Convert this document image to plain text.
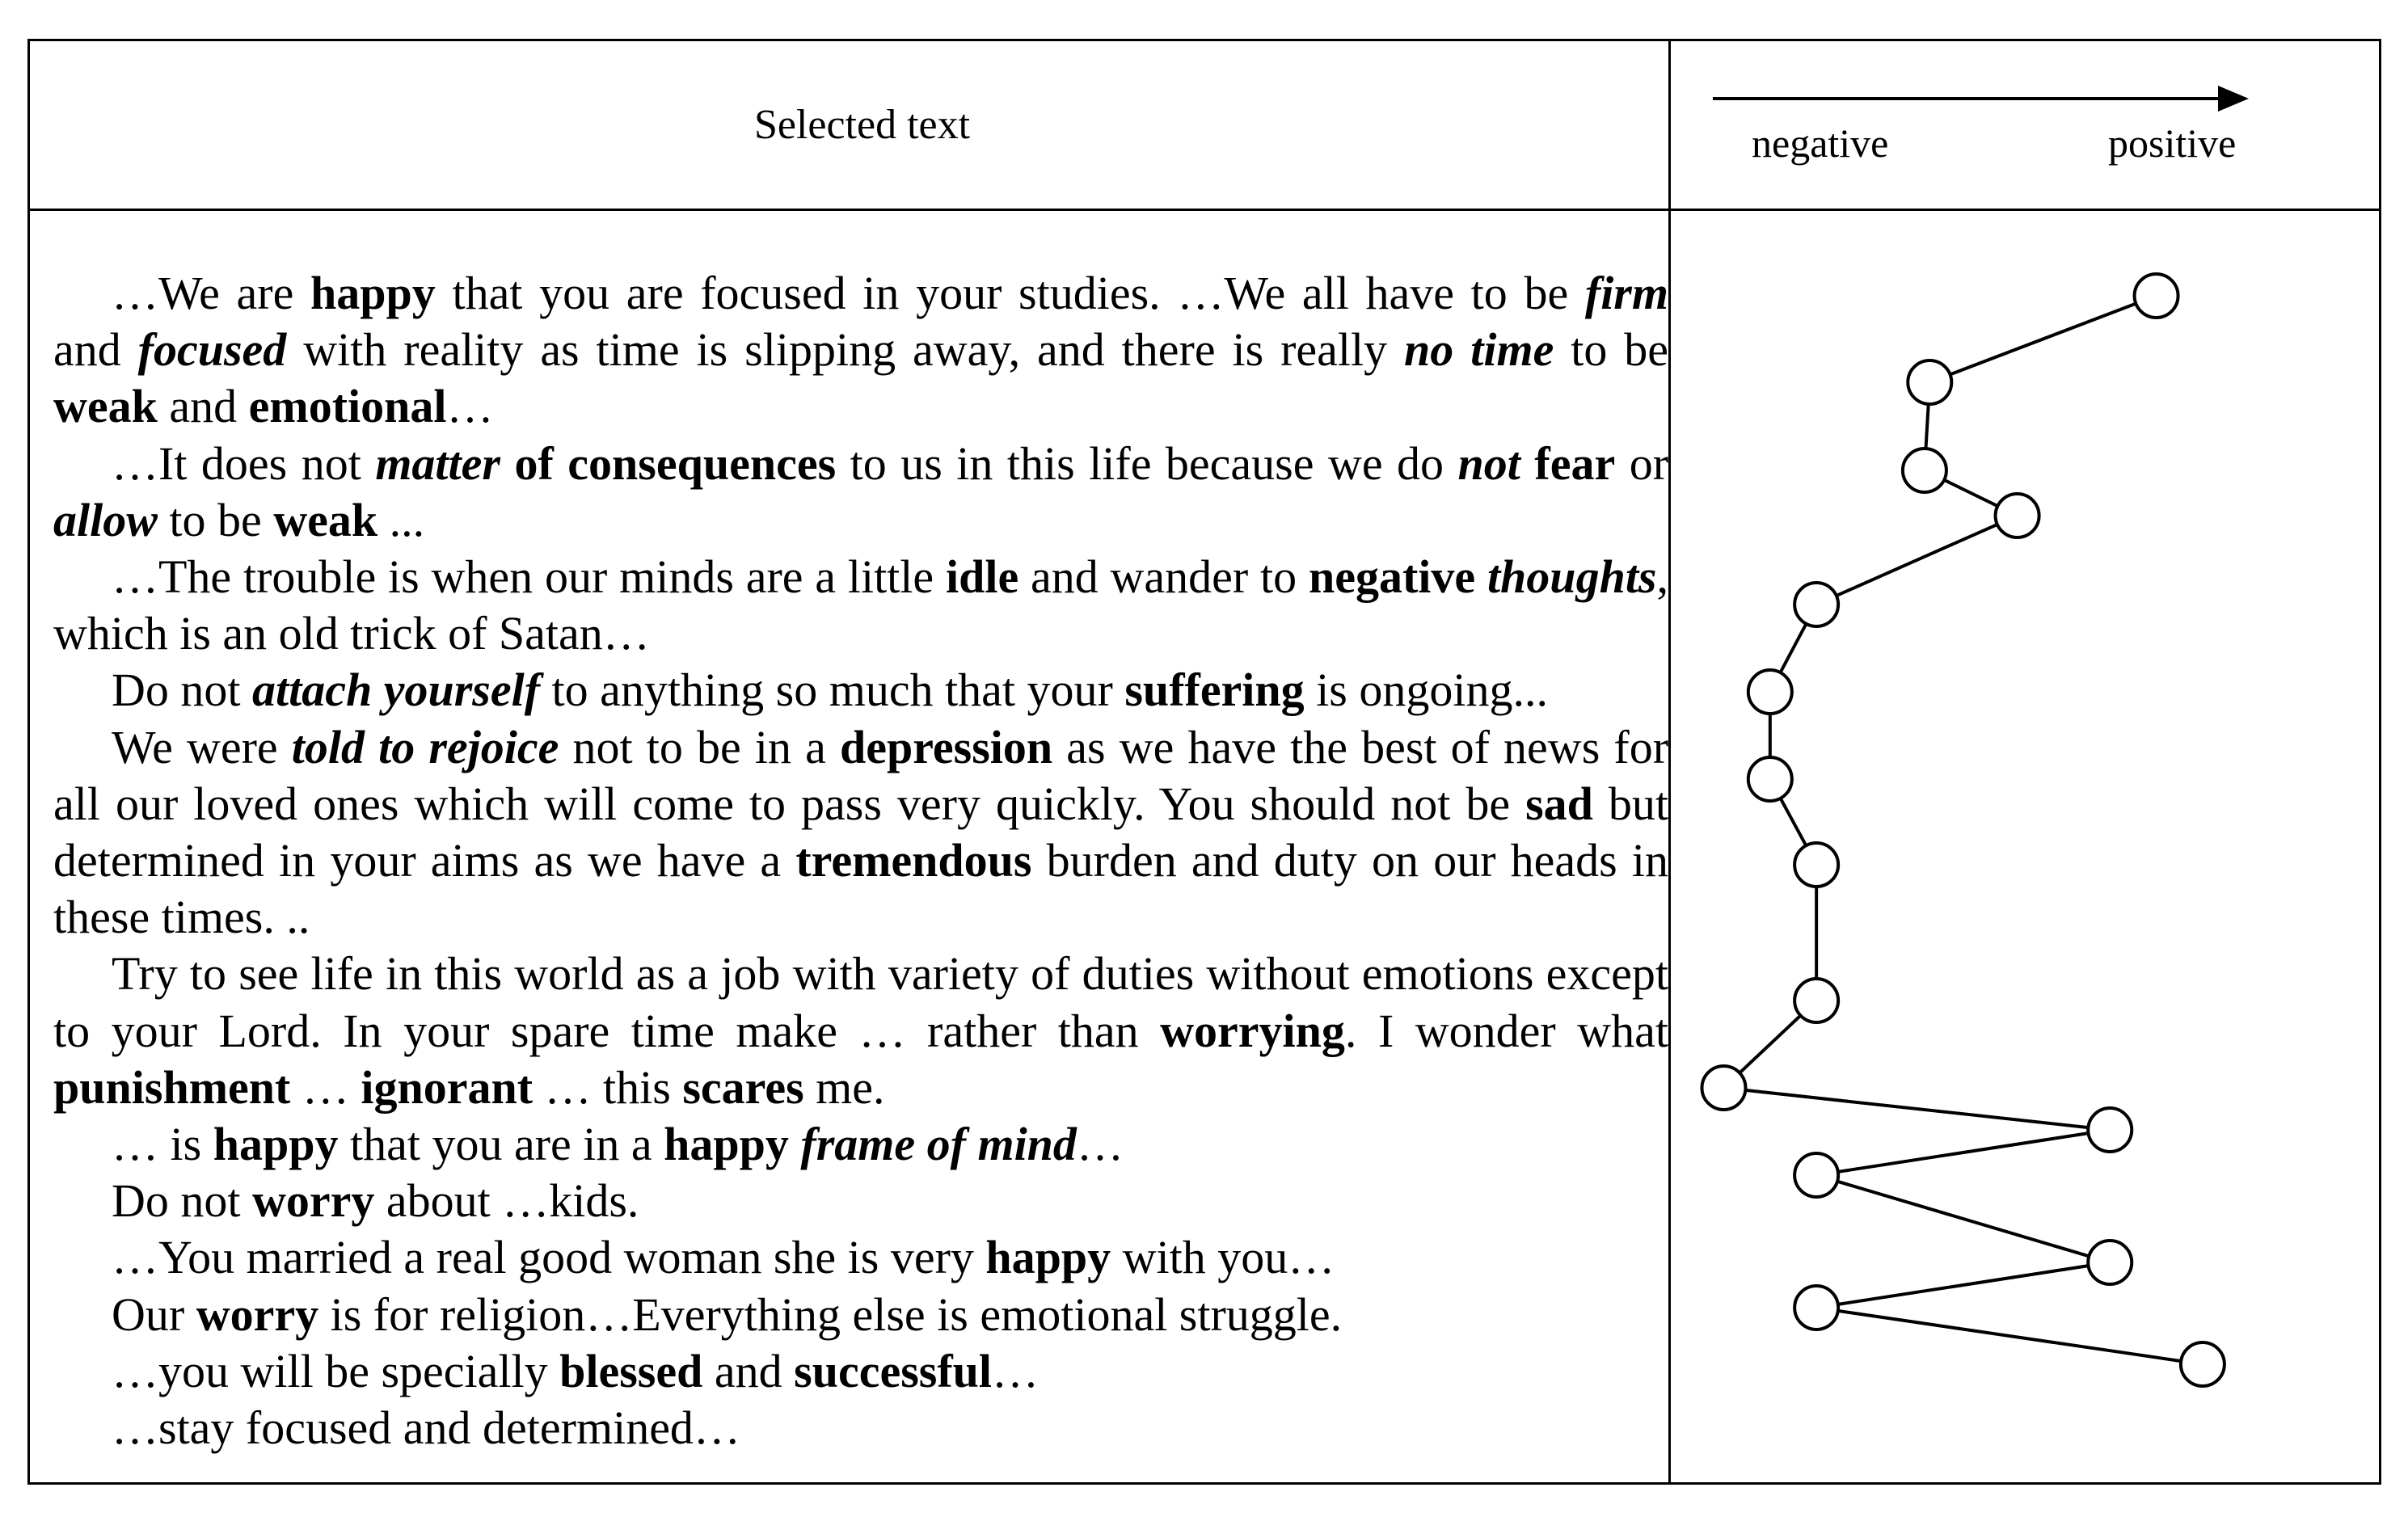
Selected text	negative	positive

…We are happy that you are focused in your studies. …We all have to be firm and focused with reality as time is slipping away, and there is really no time to be weak and emotional…

…It does not matter of consequences to us in this life because we do not fear or allow to be weak ...

…The trouble is when our minds are a little idle and wander to negative thoughts, which is an old trick of Satan…

Do not attach yourself to anything so much that your suffering is ongoing...

We were told to rejoice not to be in a depression as we have the best of news for all our loved ones which will come to pass very quickly. You should not be sad but determined in your aims as we have a tremendous burden and duty on our heads in these times. ..

Try to see life in this world as a job with variety of duties without emotions except to your Lord. In your spare time make … rather than worrying. I wonder what punishment … ignorant … this scares me.

… is happy that you are in a happy frame of mind…

Do not worry about …kids.

…You married a real good woman she is very happy with you…

Our worry is for religion…Everything else is emotional struggle.

…you will be specially blessed and successful…

…stay focused and determined…
